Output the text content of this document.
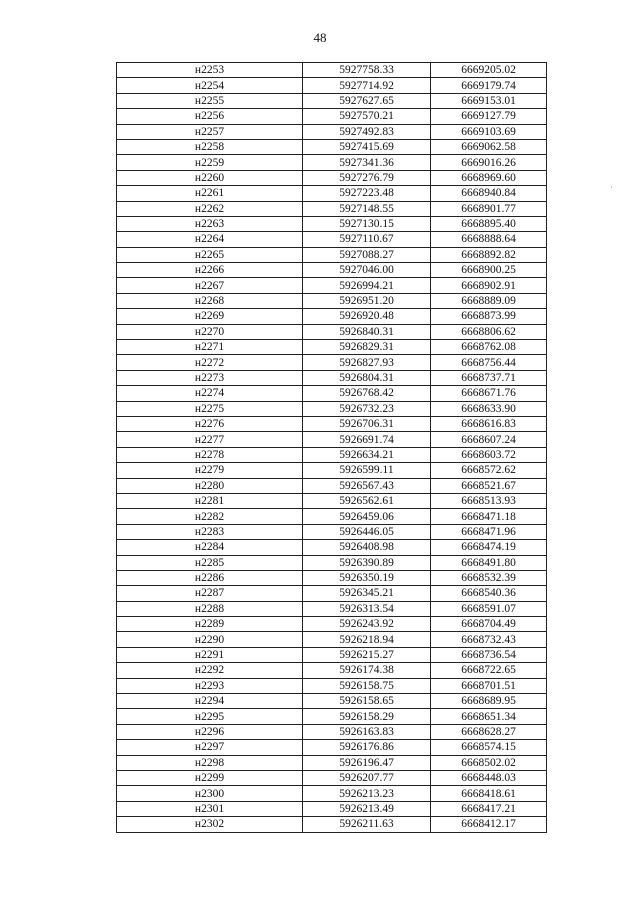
48
·
н2253	5927758.33	6669205.02
н2254	5927714.92	6669179.74
н2255	5927627.65	6669153.01
н2256	5927570.21	6669127.79
н2257	5927492.83	6669103.69
н2258	5927415.69	6669062.58
н2259	5927341.36	6669016.26
н2260	5927276.79	6668969.60
н2261	5927223.48	6668940.84
н2262	5927148.55	6668901.77
н2263	5927130.15	6668895.40
н2264	5927110.67	6668888.64
н2265	5927088.27	6668892.82
н2266	5927046.00	6668900.25
н2267	5926994.21	6668902.91
н2268	5926951.20	6668889.09
н2269	5926920.48	6668873.99
н2270	5926840.31	6668806.62
н2271	5926829.31	6668762.08
н2272	5926827.93	6668756.44
н2273	5926804.31	6668737.71
н2274	5926768.42	6668671.76
н2275	5926732.23	6668633.90
н2276	5926706.31	6668616.83
н2277	5926691.74	6668607.24
н2278	5926634.21	6668603.72
н2279	5926599.11	6668572.62
н2280	5926567.43	6668521.67
н2281	5926562.61	6668513.93
н2282	5926459.06	6668471.18
н2283	5926446.05	6668471.96
н2284	5926408.98	6668474.19
н2285	5926390.89	6668491.80
н2286	5926350.19	6668532.39
н2287	5926345.21	6668540.36
н2288	5926313.54	6668591.07
н2289	5926243.92	6668704.49
н2290	5926218.94	6668732.43
н2291	5926215.27	6668736.54
н2292	5926174.38	6668722.65
н2293	5926158.75	6668701.51
н2294	5926158.65	6668689.95
н2295	5926158.29	6668651.34
н2296	5926163.83	6668628.27
н2297	5926176.86	6668574.15
н2298	5926196.47	6668502.02
н2299	5926207.77	6668448.03
н2300	5926213.23	6668418.61
н2301	5926213.49	6668417.21
н2302	5926211.63	6668412.17
